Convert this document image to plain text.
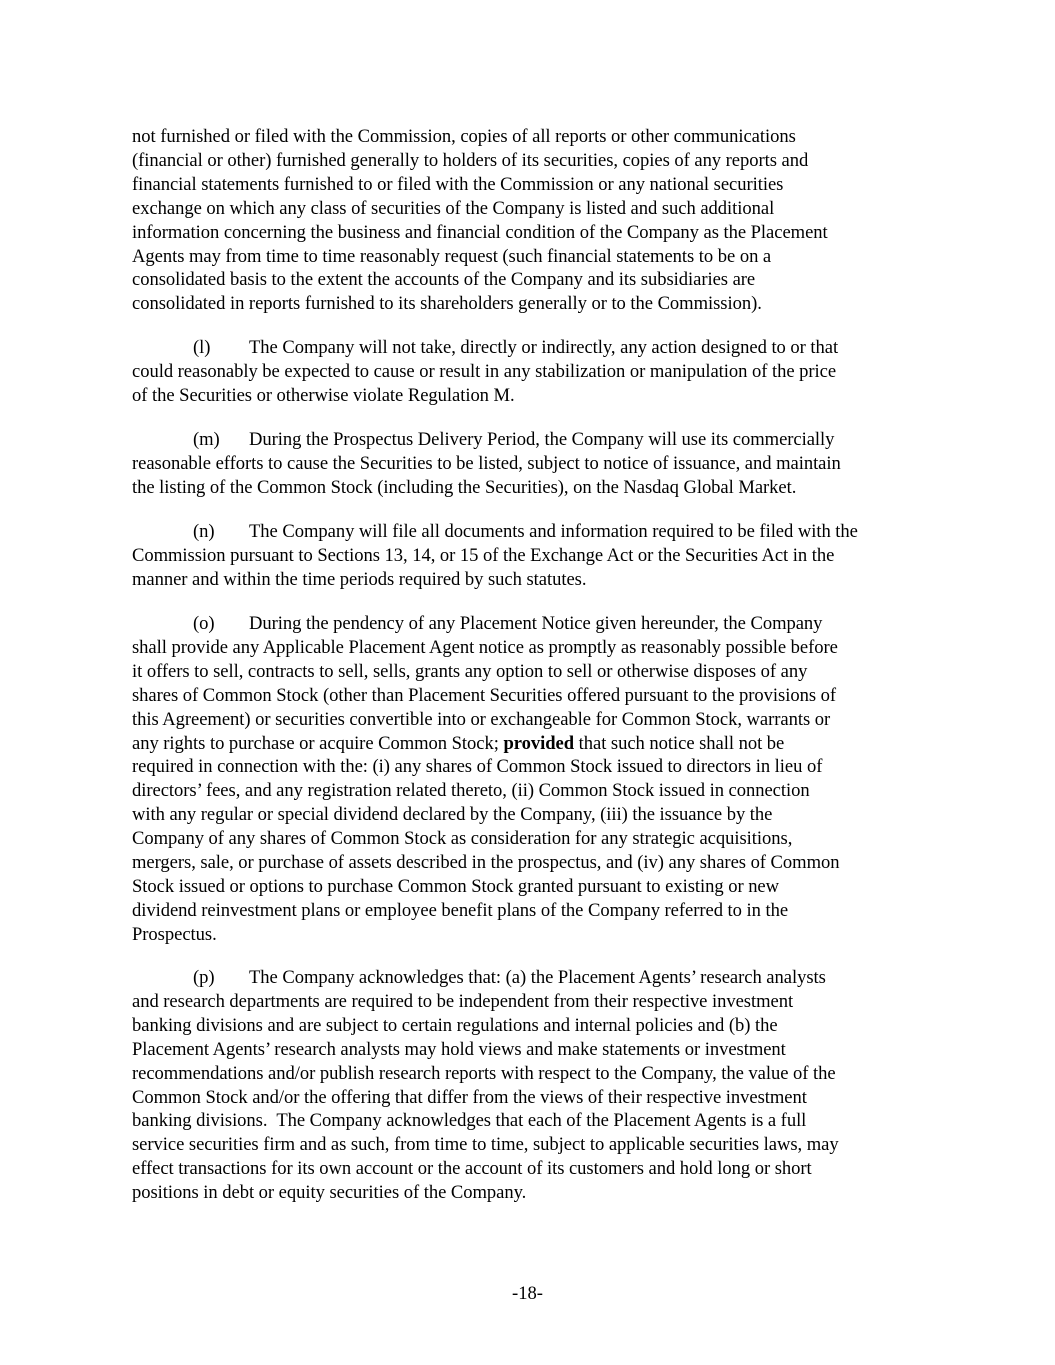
not furnished or filed with the Commission, copies of all reports or other communications
(financial or other) furnished generally to holders of its securities, copies of any reports and
financial statements furnished to or filed with the Commission or any national securities
exchange on which any class of securities of the Company is listed and such additional
information concerning the business and financial condition of the Company as the Placement
Agents may from time to time reasonably request (such financial statements to be on a
consolidated basis to the extent the accounts of the Company and its subsidiaries are
consolidated in reports furnished to its shareholders generally or to the Commission).

(l) The Company will not take, directly or indirectly, any action designed to or that
could reasonably be expected to cause or result in any stabilization or manipulation of the price
of the Securities or otherwise violate Regulation M.

(m) During the Prospectus Delivery Period, the Company will use its commercially
reasonable efforts to cause the Securities to be listed, subject to notice of issuance, and maintain
the listing of the Common Stock (including the Securities), on the Nasdaq Global Market.

(n) The Company will file all documents and information required to be filed with the
Commission pursuant to Sections 13, 14, or 15 of the Exchange Act or the Securities Act in the
manner and within the time periods required by such statutes.

(o) During the pendency of any Placement Notice given hereunder, the Company
shall provide any Applicable Placement Agent notice as promptly as reasonably possible before
it offers to sell, contracts to sell, sells, grants any option to sell or otherwise disposes of any
shares of Common Stock (other than Placement Securities offered pursuant to the provisions of
this Agreement) or securities convertible into or exchangeable for Common Stock, warrants or
any rights to purchase or acquire Common Stock; provided that such notice shall not be
required in connection with the: (i) any shares of Common Stock issued to directors in lieu of
directors’ fees, and any registration related thereto, (ii) Common Stock issued in connection
with any regular or special dividend declared by the Company, (iii) the issuance by the
Company of any shares of Common Stock as consideration for any strategic acquisitions,
mergers, sale, or purchase of assets described in the prospectus, and (iv) any shares of Common
Stock issued or options to purchase Common Stock granted pursuant to existing or new
dividend reinvestment plans or employee benefit plans of the Company referred to in the
Prospectus.

(p) The Company acknowledges that: (a) the Placement Agents’ research analysts
and research departments are required to be independent from their respective investment
banking divisions and are subject to certain regulations and internal policies and (b) the
Placement Agents’ research analysts may hold views and make statements or investment
recommendations and/or publish research reports with respect to the Company, the value of the
Common Stock and/or the offering that differ from the views of their respective investment
banking divisions.  The Company acknowledges that each of the Placement Agents is a full
service securities firm and as such, from time to time, subject to applicable securities laws, may
effect transactions for its own account or the account of its customers and hold long or short
positions in debt or equity securities of the Company.

-18-
